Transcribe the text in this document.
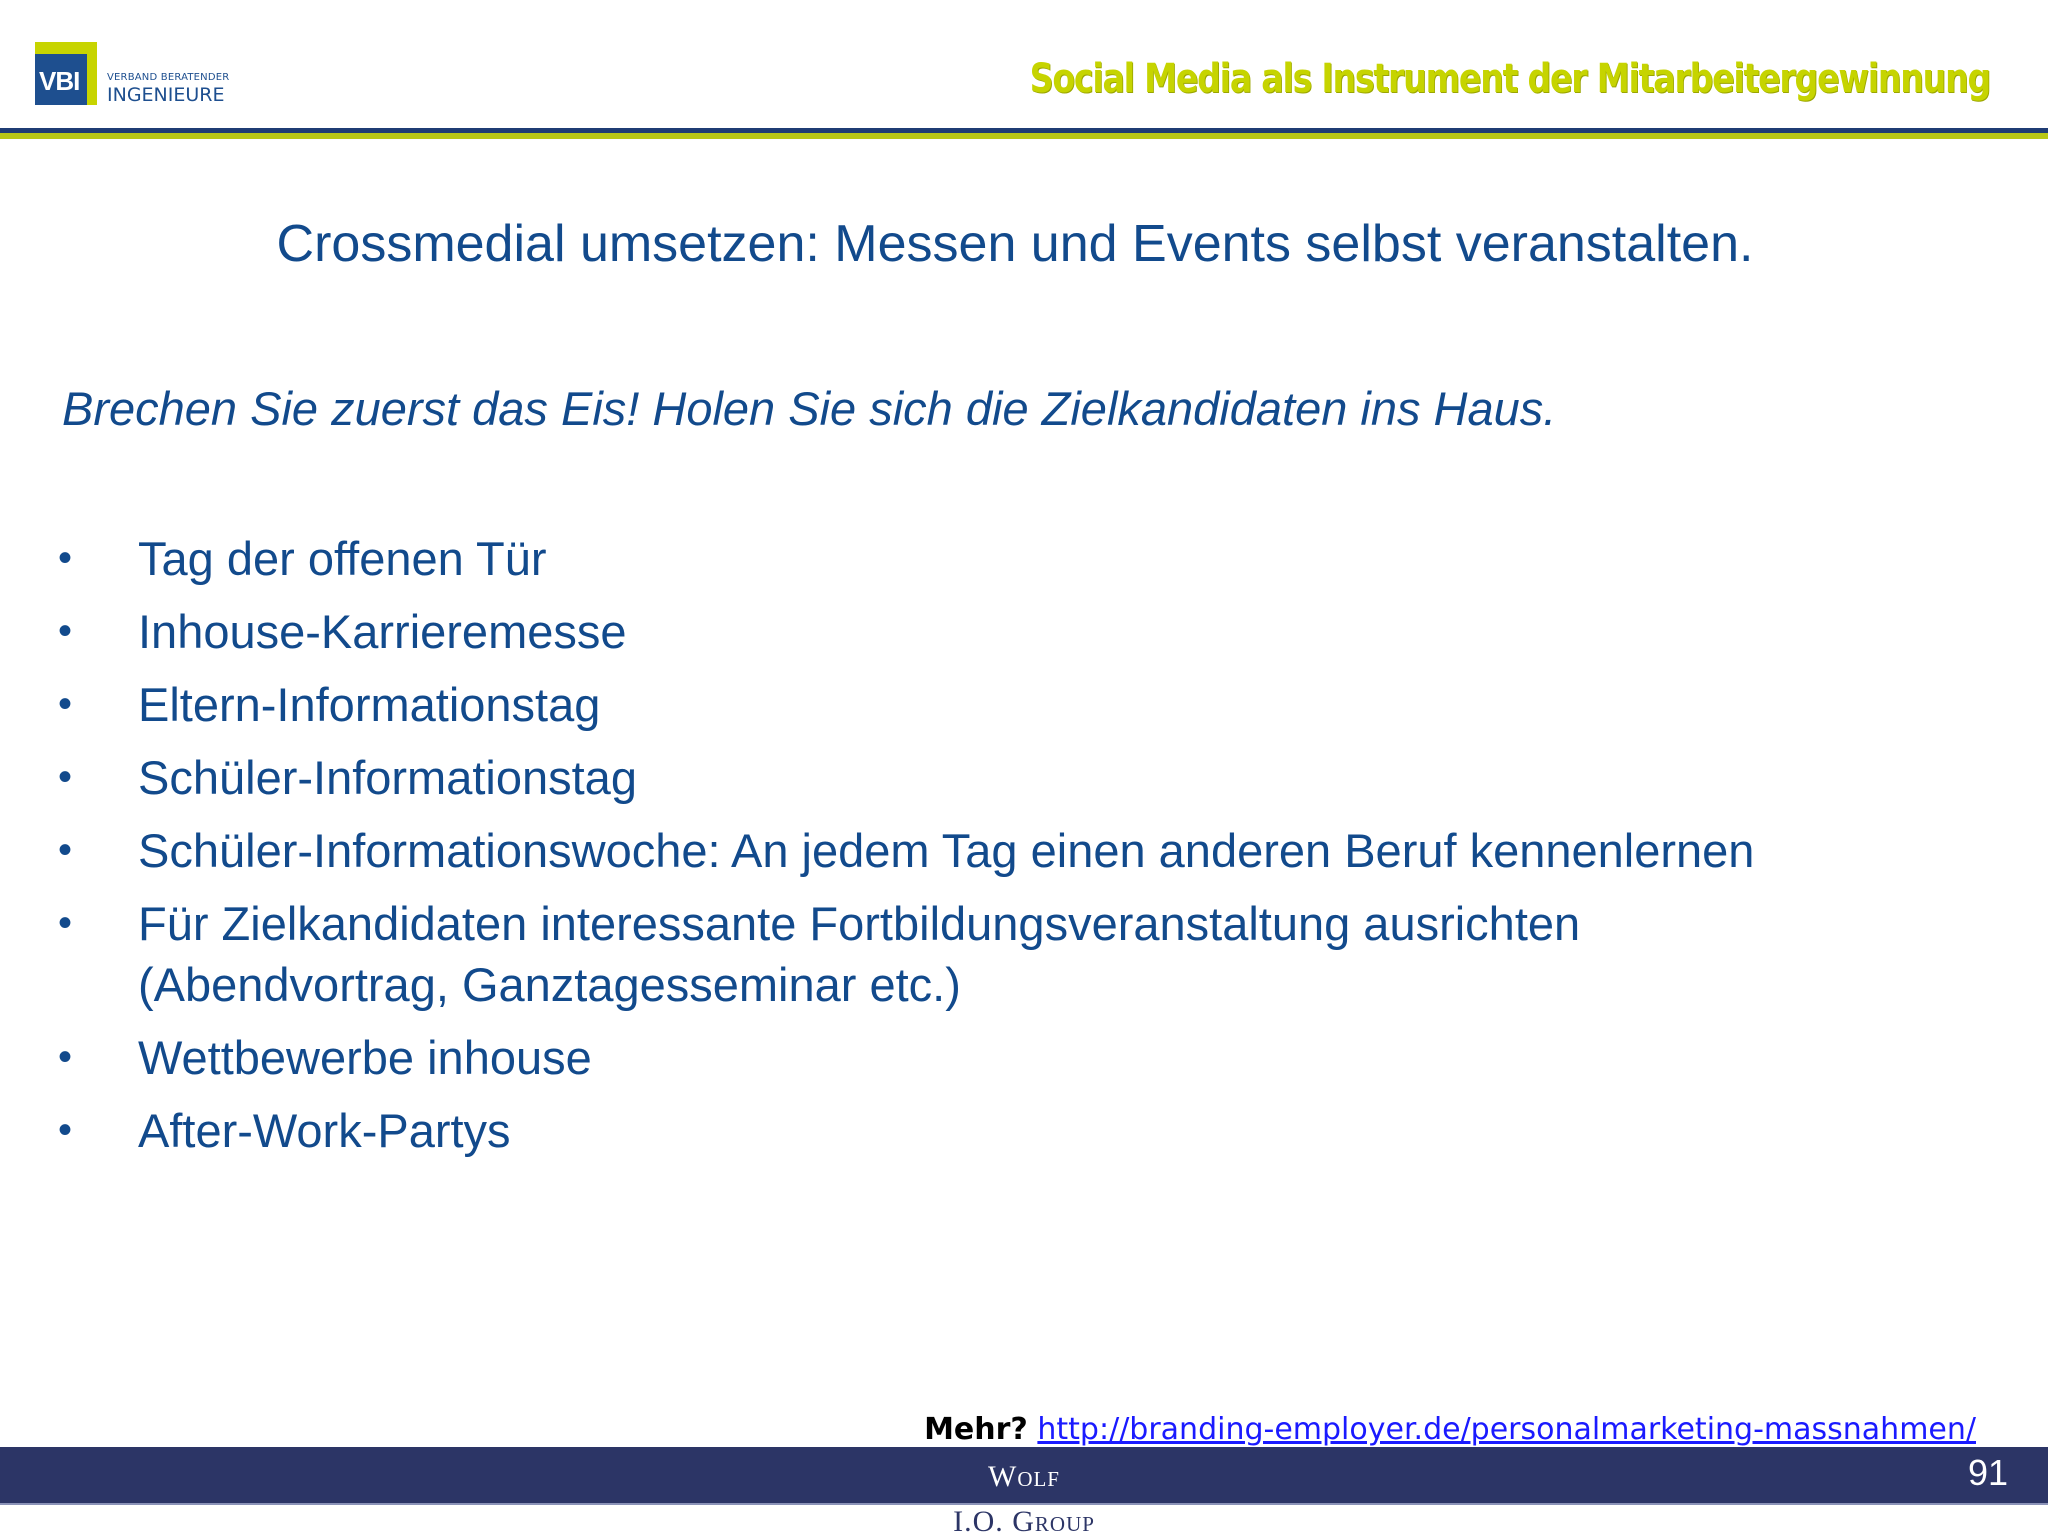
VBI	VERBAND BERATENDER
INGENIEURE	Social Media als Instrument der Mitarbeitergewinnung
Crossmedial umsetzen: Messen und Events selbst veranstalten.
Brechen Sie zuerst das Eis! Holen Sie sich die Zielkandidaten ins Haus.
• Tag der offenen Tür
• Inhouse-Karrieremesse
• Eltern-Informationstag
• Schüler-Informationstag
• Schüler-Informationswoche: An jedem Tag einen anderen Beruf kennenlernen
• Für Zielkandidaten interessante Fortbildungsveranstaltung ausrichten
(Abendvortrag, Ganztagesseminar etc.)
• Wettbewerbe inhouse
• After-Work-Partys
Mehr? http://branding-employer.de/personalmarketing-massnahmen/
Wolf
I.O. Group
91
